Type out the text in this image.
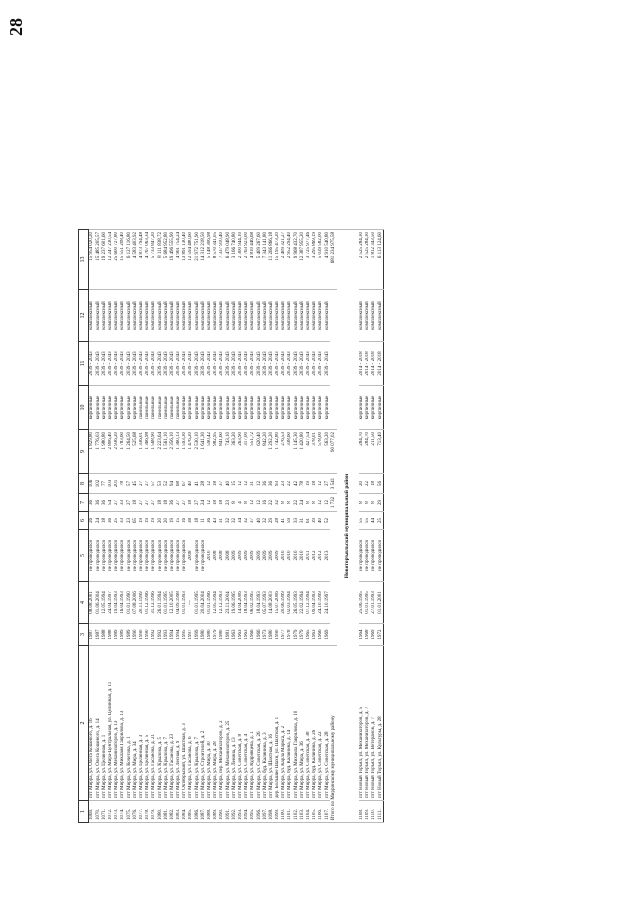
28
1	2	3	4	5	6	7	8	9	10	11	12	13
1069.	пгт Мирра, ул. Олега Кошевого, д. 16	1987	08.08.2001	не проводился	26	36	106	1 829,80	кирпичные	2039 - 2043	комплексный	15 954 020,20
1070.	пгт Мирра, ул. Олега Кошевого, д. 14	1987	01.06.2004	не проводился	24	36	102	1 776,03	кирпичные	2039 - 2043	комплексный	15 485 205,57
1071.	пгт Мирра, ул. Целинная, д. 1	1988	12.05.1994	не проводился	18	36	77	1 980,80	кирпичные	2039 - 2043	комплексный	19 237 601,60
1072.	пгт Мирра, ул. Мира-Центральная, ул. Целинная, д. 11	1988	24.04.1997	не проводился	36	54	103	2 806,40	кирпичные	2039 - 2043	комплексный	12 247 230,54
1073.	пгт Мирра, ул. Механизаторов, д. 13	1989	19.04.1993	не проводился	25	27	201	2 936,20	кирпичные	2039 - 2043	комплексный	25 600 727,80
1074.	пгт Мирра, ул. Миклаия Гаврилова, д. 13	1989	16.04.1993	не проводился	33	33	78	1 783,60	кирпичные	2039 - 2043	комплексный	15 551 208,40
1075.	пгт Мирра, ул. Кочетова, д. 1	1989	01.01.1990	не проводился	23	27	57	1 264,50	кирпичные	2039 - 2043	комплексный	6 127 116,80
1076.	пгт Мирра, ул. Мира, д. 34	1990	07.08.2006	не проводился	65	18	45	525,68	кирпичные	2039 - 2043	комплексный	4 583 403,92
1077.	пгт Мирра, ул. Целинная, д. 3	1990	20.11.1999	не проводился	19	27	27	1 336,01	панельные	2039 - 2043	комплексный	4 873 794,48
1078.	пгт Мирра, ул. Целинная, д. 5	1990	01.12.1996	не проводился	19	27	27	1 366,98	панельные	2039 - 2043	комплексный	4 767 063,34
1079.	пгт Мирра, ул. Гасанова, д. 21	1992	31.12.1996	не проводился	19	27	57	1 568,90	панельные	2039 - 2043	комплексный	5 733 847,20
1080.	пгт Мирра, ул. Крылова, д. 5	1992	26.01.1994	не проводился	20	18	53	2 223,64	панельные	2039 - 2043	комплексный	8 111 838,72
1081.	пгт Мирра, ул. Крылова, д. 7	1993	01.01.1995	не проводился	20	18	52	1 561,10	панельные	2039 - 2043	комплексный	5 684 952,80
1082.	пгт Мирра, ул. Гасанова, д. 23	1994	12.10.2005	не проводился	19	36	94	2 356,10	панельные	2039 - 2043	комплексный	19 496 555,90
1083.	пгт Мирра, ул. Лесная, д. 9	1994	04.09.1998	не проводился	15	27	68	1 360,13	панельные	2039 - 2043	комплексный	4 961 754,24
1084.	пгт Октябрьский, ул. Шахтная, д. 3	1995	01.01.1993	не проводился	16	27	67	1 593,30	кирпичные	2039 - 2043	комплексный	13 891 130,40
1085.	пгт Мирра, ул. Гасанова, д. 6	1997	—	2008	38	18	40	1 476,20	кирпичные	2039 - 2043	комплексный	12 594 480,60
1086.	пгт Мирра, ул. Крылова, д. 7	1999	01.01.1995	не проводился	18	27	41	2 530,10	кирпичные	2039 - 2043	комплексный	21 972 751,90
1087.	пгт Мирра, ул. Строителей, д. 2	1980	20.04.2004	не проводился	11	24	28	1 641,30	кирпичные	2039 - 2043	комплексный	14 312 218,50
1088.	пгт Мирра, ул. Мира, д. 30	1980	01.01.1996	2010	36	12	12	590,42	кирпичные	2039 - 2043	комплексный	5 148 306,98
1089.	пгт Мирра, ул. Мира, д. 28	1979	12.05.1994	2008	43	18	18	982,95	кирпичные	2039 - 2043	комплексный	8 570 341,05
1090.	пгт Мирра, пер. Механизаторов, д. 2	1980	12.12.1993	2008	31	18	37	841,60	кирпичные	2039 - 2043	комплексный	7 337 910,40
1091.	пгт Мирра, ул. Механизаторов, д. 25	1981	23.11.2004	2008	32	23	40	743,10	кирпичные	2039 - 2043	комплексный	6 479 048,90
1092.	пгт Мирра, ул. Ленина, д. 13	1963	19.06.1995	2009	32	8	15	363,20	кирпичные	2039 - 2043	комплексный	3 166 740,80
1093.	пгт Мирра, ул. Советская, д. 8	1963	14.04.2006	2009	34	4	12	263,90	кирпичные	2039 - 2043	комплексный	2 300 944,10
1094.	пгт Мирра, ул. Советская, д. 4	1963	18.04.1993	2009	32	8	12	317,00	кирпичные	2039 - 2043	комплексный	2 763 923,00
1095.	пгт Мирра, ул. Кудрявцева, д. 1	1966	06.02.1995	2009	37	12	31	551,72	кирпичные	2039 - 2043	комплексный	4 810 446,68
1096.	пгт Мирра, ул. Советская, д. 26	1966	18.04.1993	2009	40	12	12	620,40	кирпичные	2039 - 2043	комплексный	5 409 267,60
1097.	пгт Мирра, буд. Калинина, д. 3	1973	05.07.1993	2009	32	16	36	842,20	кирпичные	2039 - 2043	комплексный	7 343 141,80
1098.	пгт Мирра, ул. Шахтная, д. 16	1980	14.08.2003	2009	29	22	36	1 292,20	кирпичные	2039 - 2043	комплексный	11 266 866,18
1099.	дер. Большие Шахи, ул. Шахтная, д. 1	1990	15.07.2006	2009	28	32	93	1 742,80	кирпичные	2039 - 2043	комплексный	15 195 473,20
1100.	пгт Мирра, ул. Карла Маркса, д. 2	1977	20.06.1999	2010	41	8	23	276,53	кирпичные	2039 - 2043	комплексный	2 409 321,27
1101.	пгт Мирра, буд. Калинина, д. 14	1978	02.03.1994	2010	59	8	22	338,60	кирпичные	2039 - 2043	комплексный	2 952 294,40
1102.	пгт Мирра, ул. Михаила Гаврилова, д. 10	1979	26.05.1993	2010	33	22	42	1 145,30	кирпичные	2039 - 2043	комплексный	9 968 432,70
1103.	пгт Мирра, ул. Мира, д. 36	1979	22.02.1994	2010	31	24	78	1 420,80	кирпичные	2039 - 2043	комплексный	12 387 955,20
1104.	пгт Мирра, ул. Советская, д. 38	1965	07.12.1994	2011	61	8	19	427,54	кирпичные	2039 - 2043	комплексный	3 725 977,46
1105.	пгт Мирра, буд. Калинина, д. 26	1963	09.04.1993	2012	39	8	18	378,01	кирпичные	2039 - 2043	комплексный	3 295 869,19
1106.	пгт Мирра, ул. Советская, д. 22	1966	24.10.1999	2012	40	12	12	578,00	кирпичные	2039 - 2043	комплексный	5 039 582,00
1107.	пгт Мирра, ул. Советская, д. 28	1969	24.10.1997	2013	52	12	27	563,20	кирпичные	2039 - 2043	комплексный	4 910 540,80
Итого по Мирринскому муниципальному району						1 732	3 541	90 077,02				681 234 975,58
Новоторъяльский муниципальный район												
1108.	пгт Новый Торъял, ул. Механизаторов, д. 5	1964	25.06.1995	не проводился	55	8	20	284,70	кирпичные	2014 - 2018	комплексный	2 525 284,30
1109.	пгт Новый Торъял, ул. Механизаторов, д. 7	1968	01.01.1995	не проводился	55	8	22	284,70	кирпичные	2014 - 2018	комплексный	2 525 284,30
1110.	пгт Новый Торъял, ул. Ветеранов, д. 7	1969	27.01.1993	не проводился	44	8	18	211,50	кирпичные	2014 - 2018	комплексный	1 812 343,50
1111.	пгт Новый Торъял, ул. Культуры, д. 28	1972	01.01.2001	не проводился	25	29	56	713,40	кирпичные	2014 - 2018	комплексный	6 113 124,60
